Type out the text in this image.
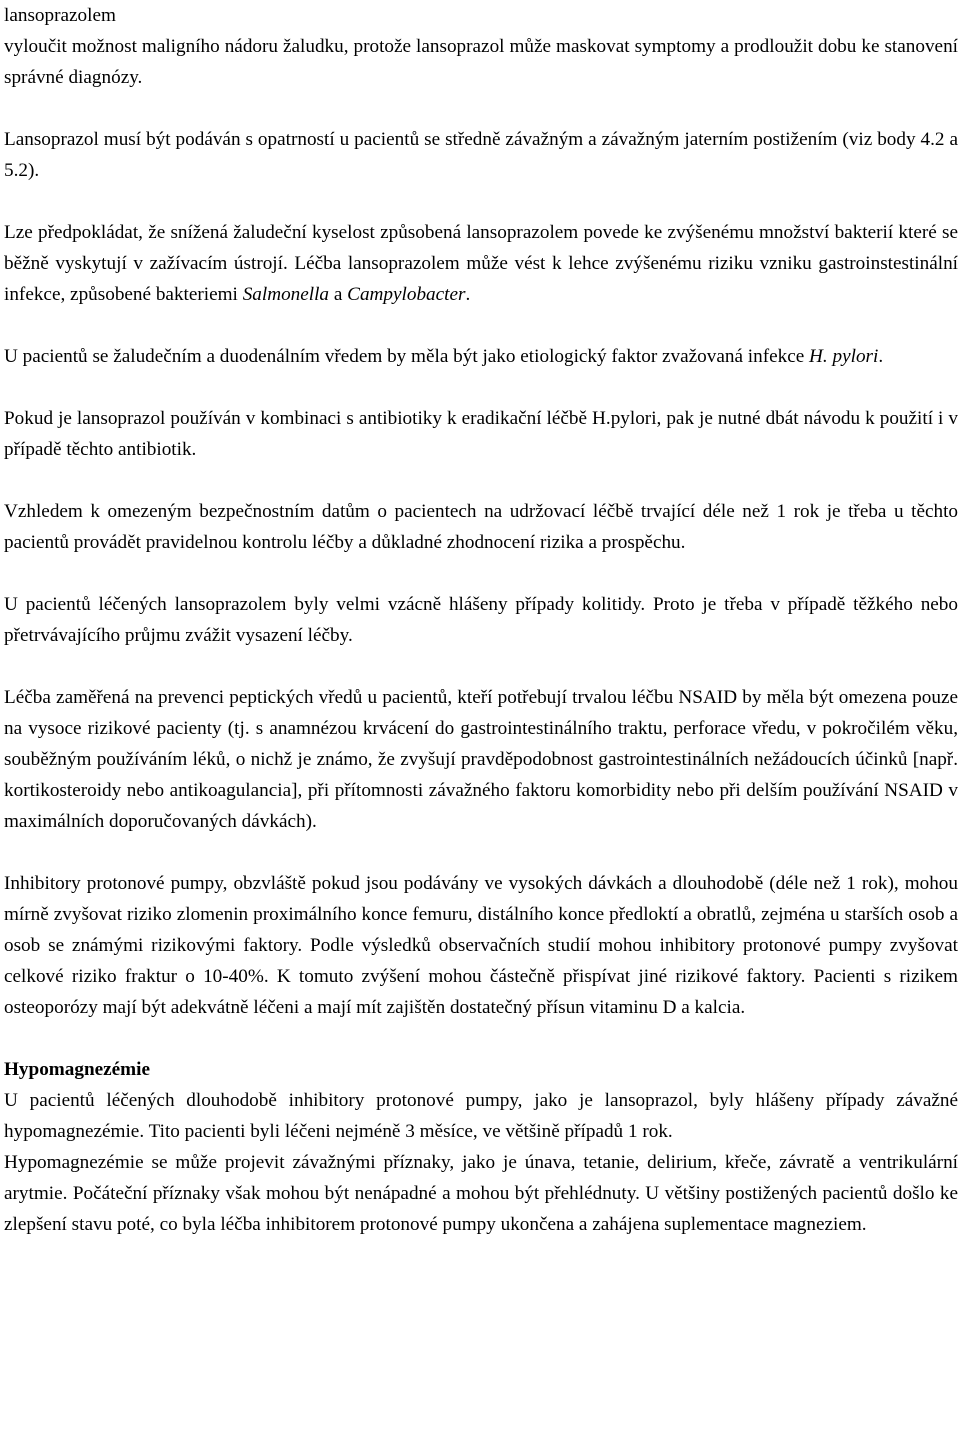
lansoprazolem

vyloučit možnost maligního nádoru žaludku, protože lansoprazol může maskovat symptomy a prodloužit dobu ke stanovení správné diagnózy.

Lansoprazol musí být podáván s opatrností u pacientů se středně závažným a závažným jaterním postižením (viz body 4.2 a 5.2).

Lze předpokládat, že snížená žaludeční kyselost způsobená lansoprazolem povede ke zvýšenému množství bakterií které se běžně vyskytují v zažívacím ústrojí. Léčba lansoprazolem může vést k lehce zvýšenému riziku vzniku gastroinstestinální infekce, způsobené bakteriemi Salmonella a Campylobacter.

U pacientů se žaludečním a duodenálním vředem by měla být jako etiologický faktor zvažovaná infekce H. pylori.

Pokud je lansoprazol používán v kombinaci s antibiotiky k eradikační léčbě H.pylori, pak je nutné dbát návodu k použití i v případě těchto antibiotik.

Vzhledem k omezeným bezpečnostním datům o pacientech na udržovací léčbě trvající déle než 1 rok je třeba u těchto pacientů provádět pravidelnou kontrolu léčby a důkladné zhodnocení rizika a prospěchu.

U pacientů léčených lansoprazolem byly velmi vzácně hlášeny případy kolitidy. Proto je třeba v případě těžkého nebo přetrvávajícího průjmu zvážit vysazení léčby.

Léčba zaměřená na prevenci peptických vředů u pacientů, kteří potřebují trvalou léčbu NSAID by měla být omezena pouze na vysoce rizikové pacienty (tj. s anamnézou krvácení do gastrointestinálního traktu, perforace vředu, v pokročilém věku, souběžným používáním léků, o nichž je známo, že zvyšují pravděpodobnost gastrointestinálních nežádoucích účinků [např. kortikosteroidy nebo antikoagulancia], při přítomnosti závažného faktoru komorbidity nebo při delším používání NSAID v maximálních doporučovaných dávkách).

Inhibitory protonové pumpy, obzvláště pokud jsou podávány ve vysokých dávkách a dlouhodobě (déle než 1 rok), mohou mírně zvyšovat riziko zlomenin proximálního konce femuru, distálního konce předloktí a obratlů, zejména u starších osob a osob se známými rizikovými faktory. Podle výsledků observačních studií mohou inhibitory protonové pumpy zvyšovat celkové riziko fraktur o 10-40%. K tomuto zvýšení mohou částečně přispívat jiné rizikové faktory. Pacienti s rizikem osteoporózy mají být adekvátně léčeni a mají mít zajištěn dostatečný přísun vitaminu D a kalcia.

Hypomagnezémie

U pacientů léčených dlouhodobě inhibitory protonové pumpy, jako je lansoprazol, byly hlášeny případy závažné hypomagnezémie. Tito pacienti byli léčeni nejméně 3 měsíce, ve většině případů 1 rok.

Hypomagnezémie se může projevit závažnými příznaky, jako je únava, tetanie, delirium, křeče, závratě a ventrikulární arytmie. Počáteční příznaky však mohou být nenápadné a mohou být přehlédnuty. U většiny postižených pacientů došlo ke zlepšení stavu poté, co byla léčba inhibitorem protonové pumpy ukončena a zahájena suplementace magneziem.
